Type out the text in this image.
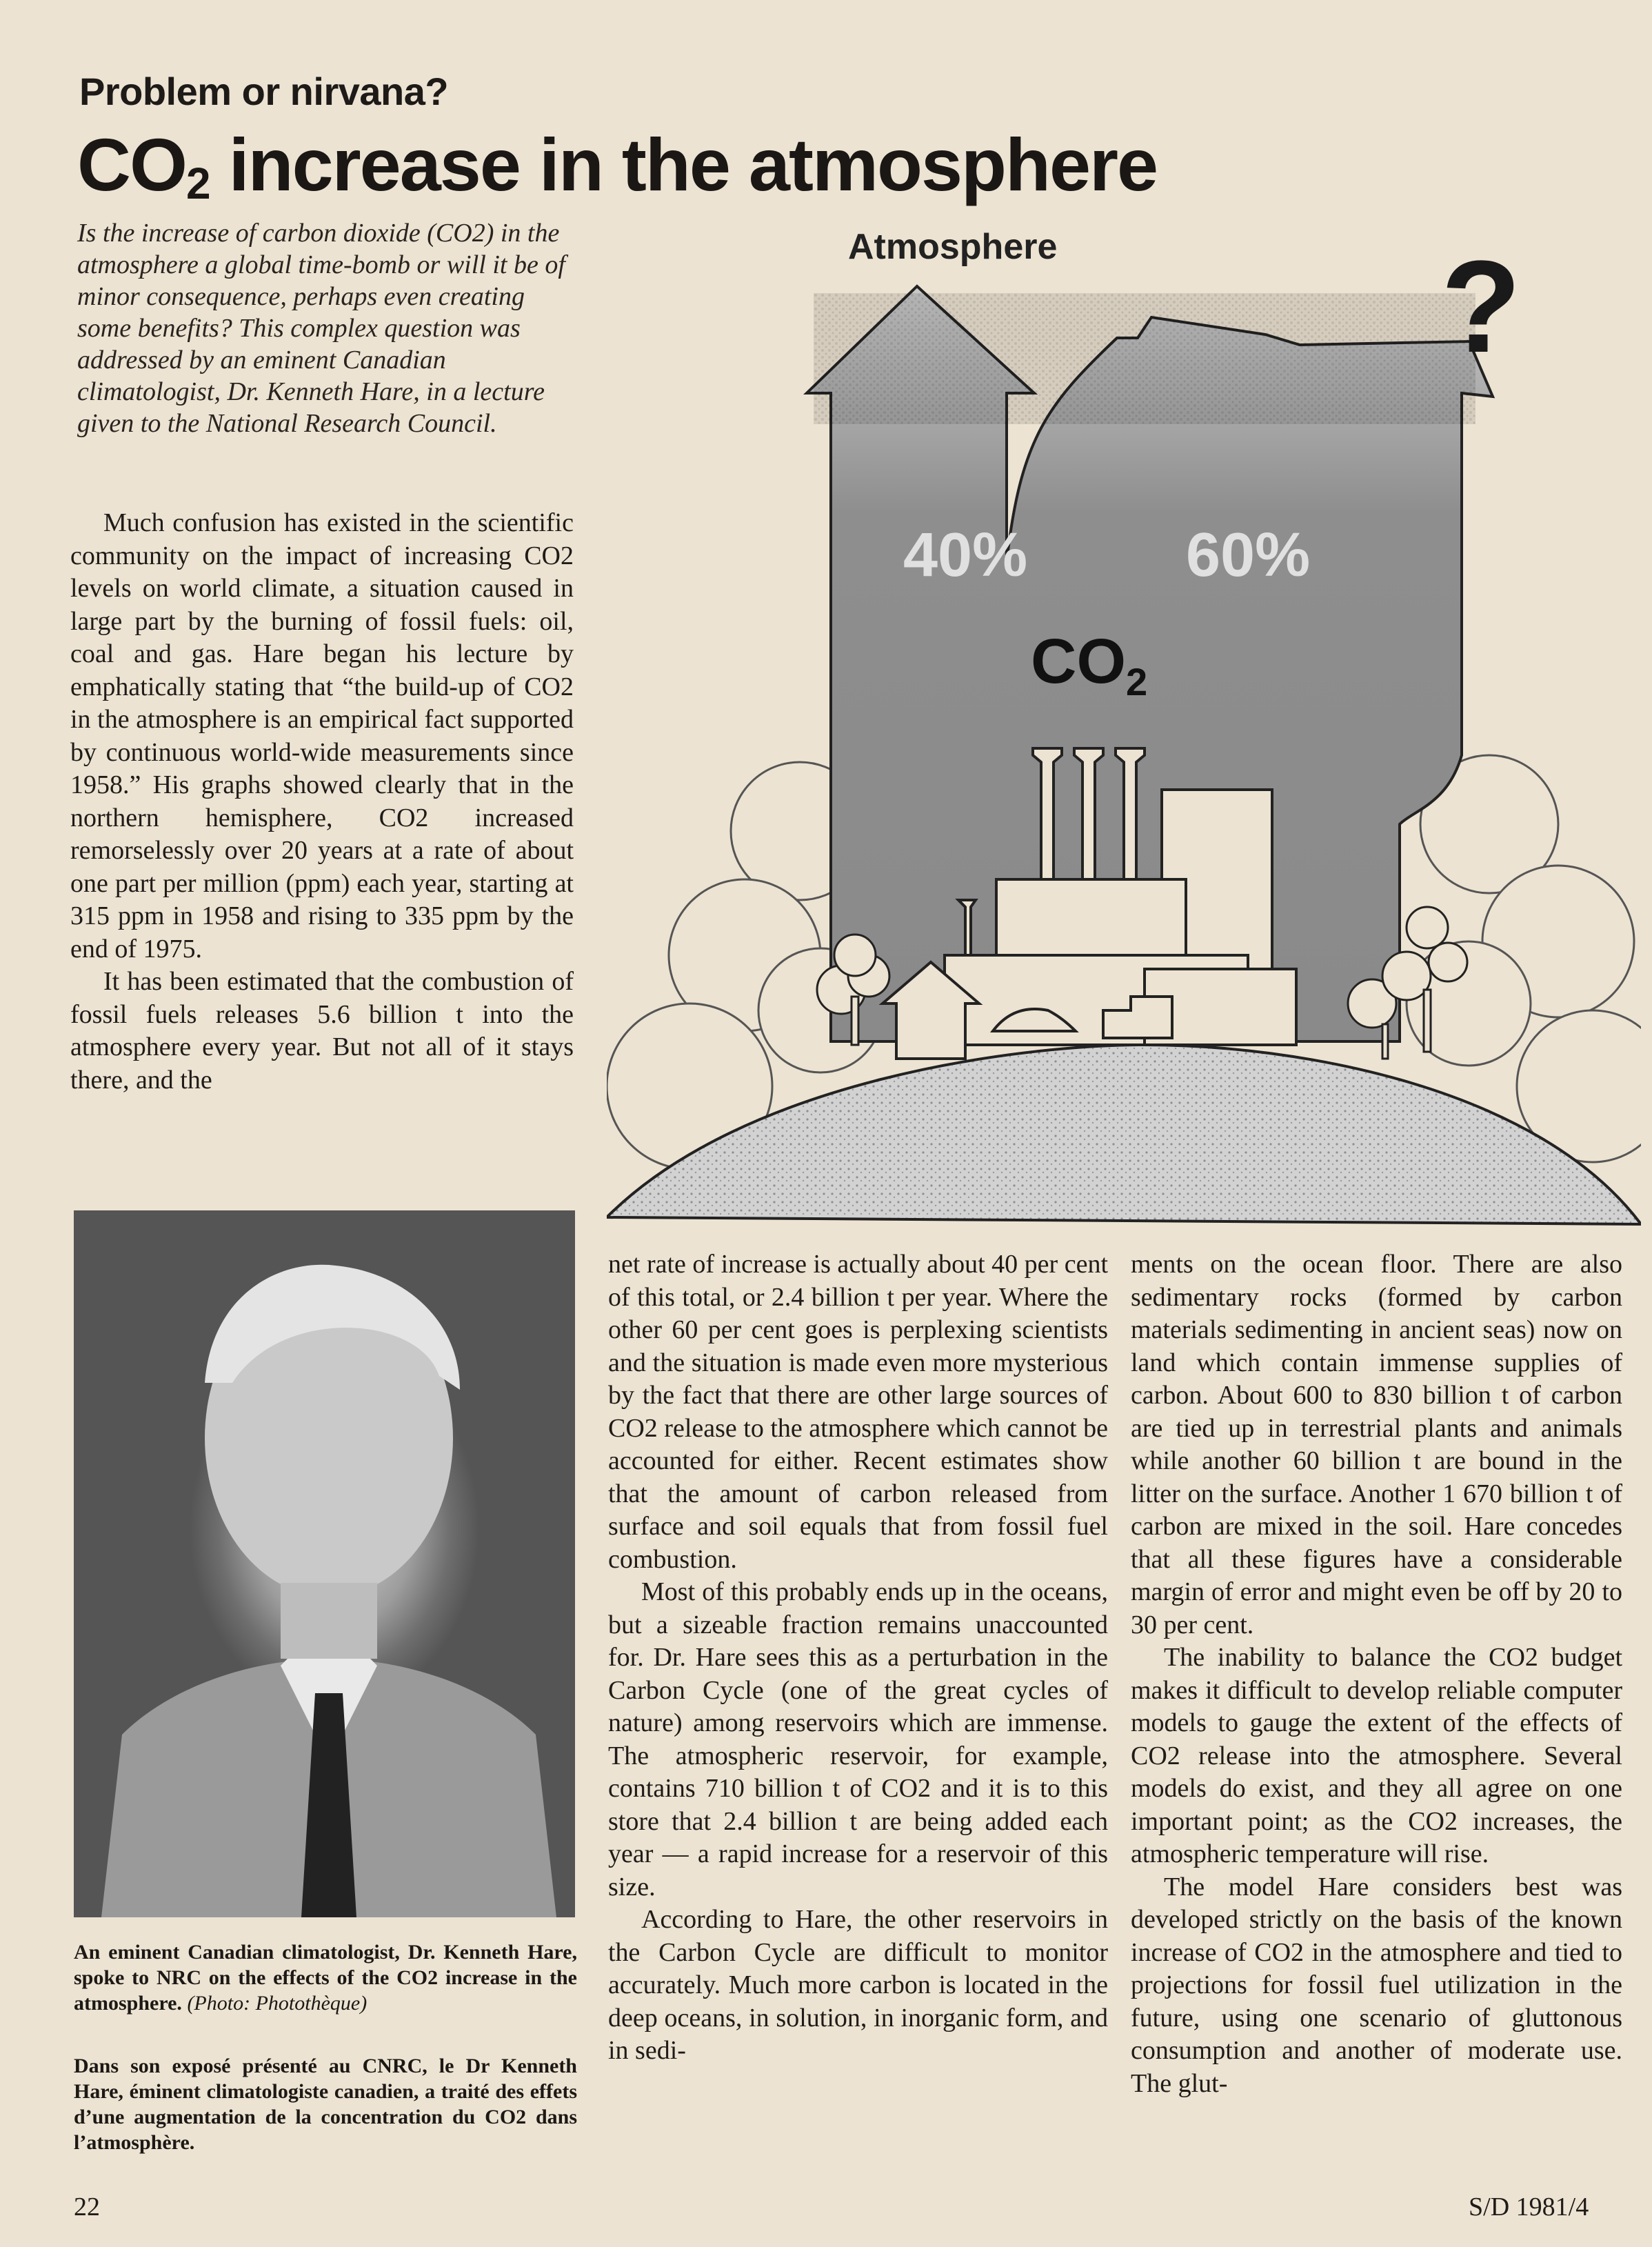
Problem or nirvana?
$CO_2$ increase in the atmosphere
Is the increase of carbon dioxide (CO2) in the atmosphere a global time-bomb or will it be of minor consequence, perhaps even creating some benefits? This complex question was addressed by an eminent Canadian climatologist, Dr. Kenneth Hare, in a lecture given to the National Research Council.
Atmosphere	?
40%	60%
CO2

Much confusion has existed in the scientific community on the impact of increasing CO2 levels on world climate, a situation caused in large part by the burning of fossil fuels: oil, coal and gas. Hare began his lecture by emphatically stating that “the build-up of CO2 in the atmosphere is an empirical fact supported by continuous world-wide measurements since 1958.” His graphs showed clearly that in the northern hemisphere, CO2 increased remorselessly over 20 years at a rate of about one part per million (ppm) each year, starting at 315 ppm in 1958 and rising to 335 ppm by the end of 1975.

It has been estimated that the combustion of fossil fuels releases 5.6 billion t into the atmosphere every year. But not all of it stays there, and the

net rate of increase is actually about 40 per cent of this total, or 2.4 billion t per year. Where the other 60 per cent goes is perplexing scientists and the situation is made even more mysterious by the fact that there are other large sources of CO2 release to the atmosphere which cannot be accounted for either. Recent estimates show that the amount of carbon released from surface and soil equals that from fossil fuel combustion.

Most of this probably ends up in the oceans, but a sizeable fraction remains unaccounted for. Dr. Hare sees this as a perturbation in the Carbon Cycle (one of the great cycles of nature) among reservoirs which are immense. The atmospheric reservoir, for example, contains 710 billion t of CO2 and it is to this store that 2.4 billion t are being added each year — a rapid increase for a reservoir of this size.

According to Hare, the other reservoirs in the Carbon Cycle are difficult to monitor accurately. Much more carbon is located in the deep oceans, in solution, in inorganic form, and in sedi-

ments on the ocean floor. There are also sedimentary rocks (formed by carbon materials sedimenting in ancient seas) now on land which contain immense supplies of carbon. About 600 to 830 billion t of carbon are tied up in terrestrial plants and animals while another 60 billion t are bound in the litter on the surface. Another 1 670 billion t of carbon are mixed in the soil. Hare concedes that all these figures have a considerable margin of error and might even be off by 20 to 30 per cent.

The inability to balance the CO2 budget makes it difficult to develop reliable computer models to gauge the extent of the effects of CO2 release into the atmosphere. Several models do exist, and they all agree on one important point; as the CO2 increases, the atmospheric temperature will rise.

The model Hare considers best was developed strictly on the basis of the known increase of CO2 in the atmosphere and tied to projections for fossil fuel utilization in the future, using one scenario of gluttonous consumption and another of moderate use. The glut-

An eminent Canadian climatologist, Dr. Kenneth Hare, spoke to NRC on the effects of the CO2 increase in the atmosphere. (Photo: Photothèque)
Dans son exposé présenté au CNRC, le Dr Kenneth Hare, éminent climatologiste canadien, a traité des effets d’une augmentation de la concentration du CO2 dans l’atmosphère.
22	S/D 1981/4
